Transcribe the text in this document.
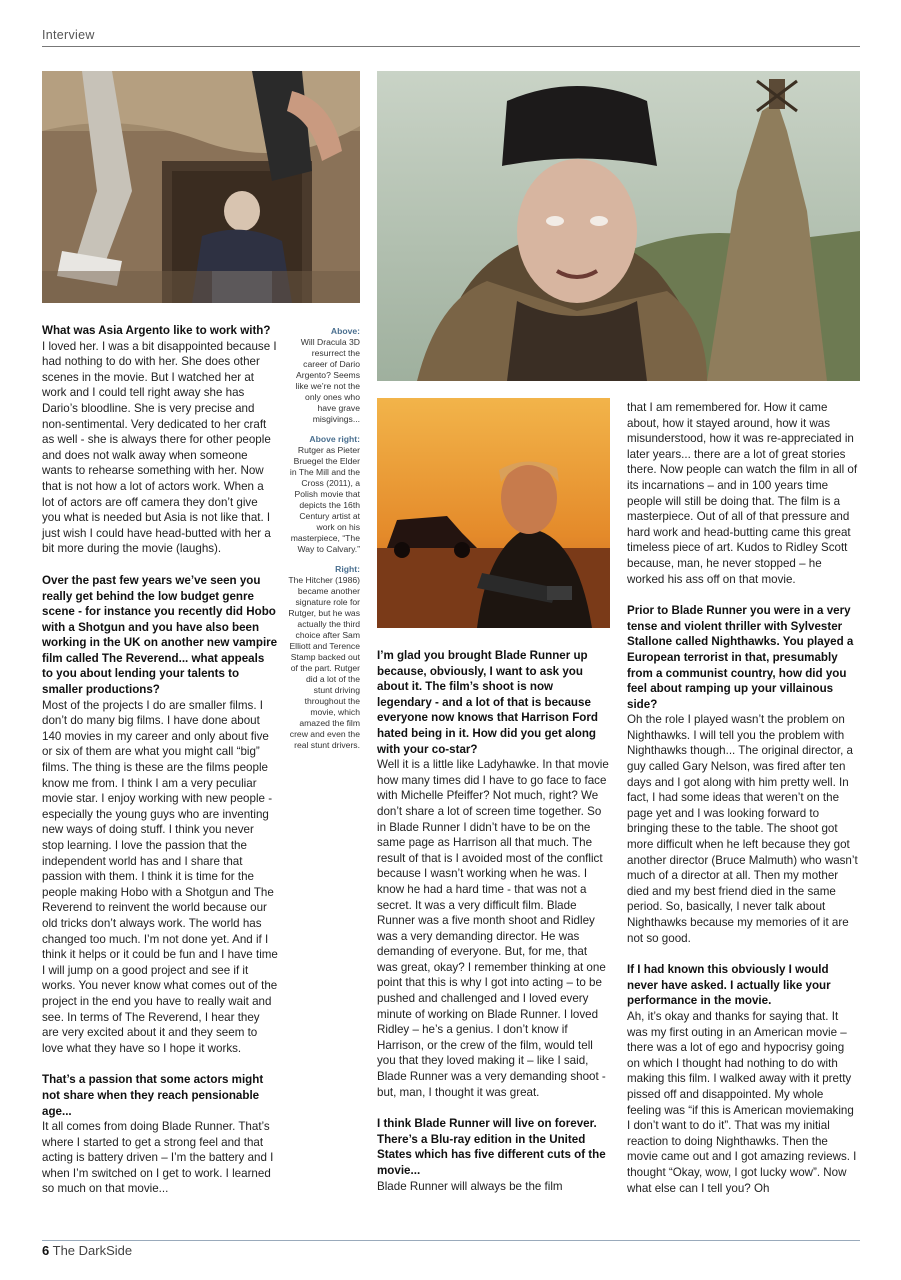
Interview
Above:
Will Dracula 3D resurrect the career of Dario Argento? Seems like we’re not the only ones who have grave misgivings...
Above right:
Rutger as Pieter Bruegel the Elder in The Mill and the Cross (2011), a Polish movie that depicts the 16th Century artist at work on his masterpiece, “The Way to Calvary.”
Right:
The Hitcher (1986) became another signature role for Rutger, but he was actually the third choice after Sam Elliott and Terence Stamp backed out of the part. Rutger did a lot of the stunt driving throughout the movie, which amazed the film crew and even the real stunt drivers.

What was Asia Argento like to work with?
I loved her. I was a bit disappointed because I had nothing to do with her. She does other scenes in the movie. But I watched her at work and I could tell right away she has Dario’s bloodline. She is very precise and non-sentimental. Very dedicated to her craft as well - she is always there for other people and does not walk away when someone wants to rehearse something with her. Now that is not how a lot of actors work. When a lot of actors are off camera they don’t give you what is needed but Asia is not like that. I just wish I could have head-butted with her a bit more during the movie (laughs).

Over the past few years we’ve seen you really get behind the low budget genre scene - for instance you recently did Hobo with a Shotgun and you have also been working in the UK on another new vampire film called The Reverend... what appeals to you about lending your talents to smaller productions?
Most of the projects I do are smaller films. I don’t do many big films. I have done about 140 movies in my career and only about five or six of them are what you might call “big” films. The thing is these are the films people know me from. I think I am a very peculiar movie star. I enjoy working with new people - especially the young guys who are inventing new ways of doing stuff. I think you never stop learning. I love the passion that the independent world has and I share that passion with them. I think it is time for the people making Hobo with a Shotgun and The Reverend to reinvent the world because our old tricks don’t always work. The world has changed too much. I’m not done yet. And if I think it helps or it could be fun and I have time I will jump on a good project and see if it works. You never know what comes out of the project in the end you have to really wait and see. In terms of The Reverend, I hear they are very excited about it and they seem to love what they have so I hope it works.

That’s a passion that some actors might not share when they reach pensionable age...
It all comes from doing Blade Runner. That’s where I started to get a strong feel and that acting is battery driven – I’m the battery and I when I’m switched on I get to work. I learned so much on that movie...

I’m glad you brought Blade Runner up because, obviously, I want to ask you about it. The film’s shoot is now legendary - and a lot of that is because everyone now knows that Harrison Ford hated being in it. How did you get along with your co-star?
Well it is a little like Ladyhawke. In that movie how many times did I have to go face to face with Michelle Pfeiffer? Not much, right? We don’t share a lot of screen time together. So in Blade Runner I didn’t have to be on the same page as Harrison all that much. The result of that is I avoided most of the conflict because I wasn’t working when he was. I know he had a hard time - that was not a secret. It was a very difficult film. Blade Runner was a five month shoot and Ridley was a very demanding director. He was demanding of everyone. But, for me, that was great, okay? I remember thinking at one point that this is why I got into acting – to be pushed and challenged and I loved every minute of working on Blade Runner. I loved Ridley – he’s a genius. I don’t know if Harrison, or the crew of the film, would tell you that they loved making it – like I said, Blade Runner was a very demanding shoot - but, man, I thought it was great.

I think Blade Runner will live on forever. There’s a Blu-ray edition in the United States which has five different cuts of the movie...
Blade Runner will always be the film

that I am remembered for. How it came about, how it stayed around, how it was misunderstood, how it was re-appreciated in later years... there are a lot of great stories there. Now people can watch the film in all of its incarnations – and in 100 years time people will still be doing that. The film is a masterpiece. Out of all of that pressure and hard work and head-butting came this great timeless piece of art. Kudos to Ridley Scott because, man, he never stopped – he worked his ass off on that movie.

Prior to Blade Runner you were in a very tense and violent thriller with Sylvester Stallone called Nighthawks. You played a European terrorist in that, presumably from a communist country, how did you feel about ramping up your villainous side?
Oh the role I played wasn’t the problem on Nighthawks. I will tell you the problem with Nighthawks though... The original director, a guy called Gary Nelson, was fired after ten days and I got along with him pretty well. In fact, I had some ideas that weren’t on the page yet and I was looking forward to bringing these to the table. The shoot got more difficult when he left because they got another director (Bruce Malmuth) who wasn’t much of a director at all. Then my mother died and my best friend died in the same period. So, basically, I never talk about Nighthawks because my memories of it are not so good.

If I had known this obviously I would never have asked. I actually like your performance in the movie.
Ah, it’s okay and thanks for saying that. It was my first outing in an American movie – there was a lot of ego and hypocrisy going on which I thought had nothing to do with making this film. I walked away with it pretty pissed off and disappointed. My whole feeling was “if this is American moviemaking I don’t want to do it”. That was my initial reaction to doing Nighthawks. Then the movie came out and I got amazing reviews. I thought “Okay, wow, I got lucky wow”. Now what else can I tell you? Oh

6 The DarkSide
